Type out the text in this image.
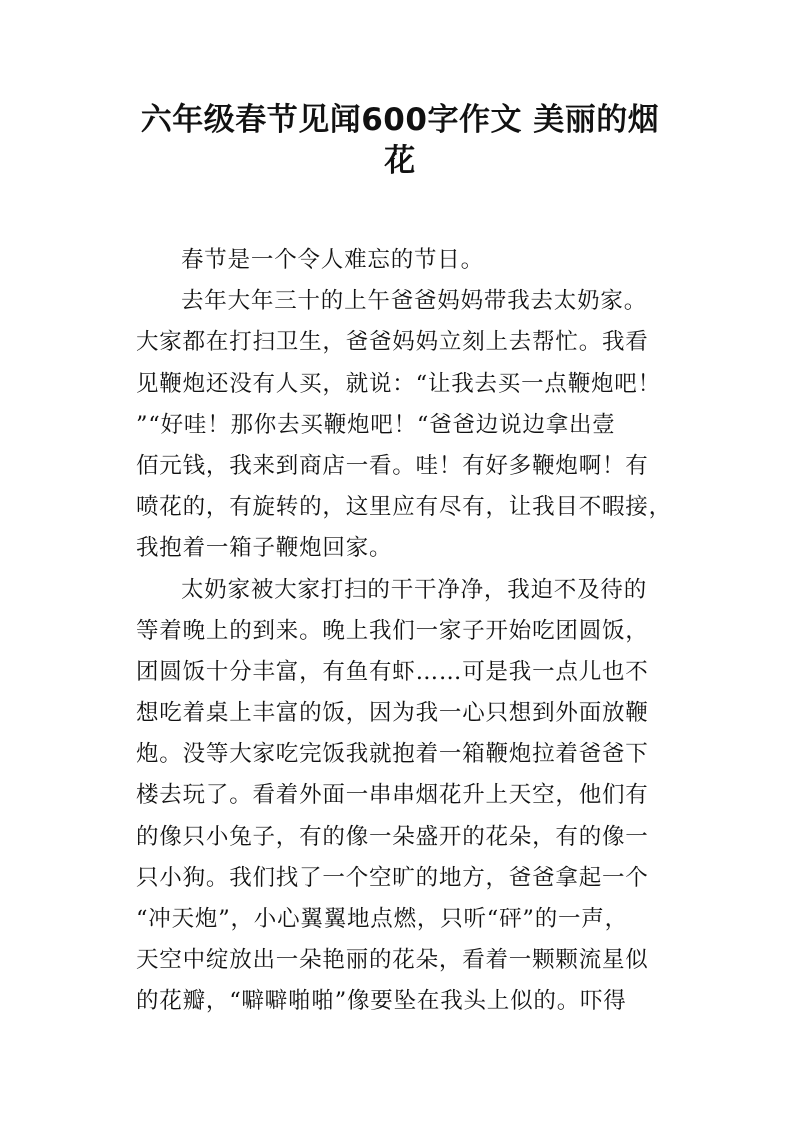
六年级春节见闻600字作文 美丽的烟
花
春节是一个令人难忘的节日。
去年大年三十的上午爸爸妈妈带我去太奶家。
大家都在打扫卫生，爸爸妈妈立刻上去帮忙。我看
见鞭炮还没有人买，就说：“让我去买一点鞭炮吧！
”“好哇！那你去买鞭炮吧！“爸爸边说边拿出壹
佰元钱，我来到商店一看。哇！有好多鞭炮啊！有
喷花的，有旋转的，这里应有尽有，让我目不暇接，
我抱着一箱子鞭炮回家。
太奶家被大家打扫的干干净净，我迫不及待的
等着晚上的到来。晚上我们一家子开始吃团圆饭，
团圆饭十分丰富，有鱼有虾……可是我一点儿也不
想吃着桌上丰富的饭，因为我一心只想到外面放鞭
炮。没等大家吃完饭我就抱着一箱鞭炮拉着爸爸下
楼去玩了。看着外面一串串烟花升上天空，他们有
的像只小兔子，有的像一朵盛开的花朵，有的像一
只小狗。我们找了一个空旷的地方，爸爸拿起一个
“冲天炮”，小心翼翼地点燃，只听“砰”的一声，
天空中绽放出一朵艳丽的花朵，看着一颗颗流星似
的花瓣，“噼噼啪啪”像要坠在我头上似的。吓得
